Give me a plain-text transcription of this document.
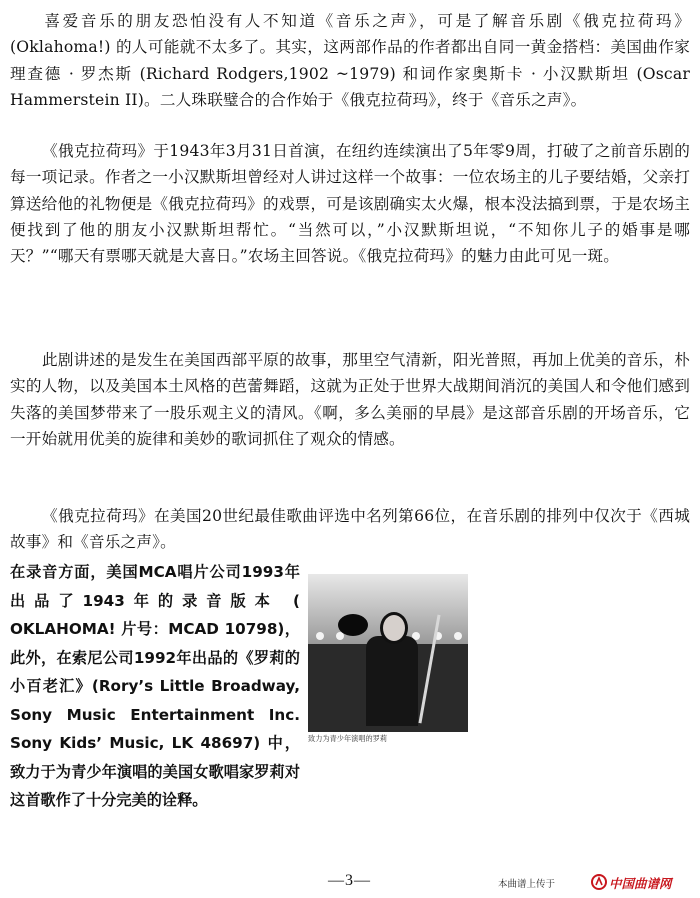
喜爱音乐的朋友恐怕没有人不知道《音乐之声》，可是了解音乐剧《俄克拉荷玛》(Oklahoma!) 的人可能就不太多了。其实，这两部作品的作者都出自同一黄金搭档：美国曲作家理查德 · 罗杰斯 (Richard Rodgers,1902 ~1979) 和词作家奥斯卡 · 小汉默斯坦 (Oscar Hammerstein II)。二人珠联璧合的合作始于《俄克拉荷玛》，终于《音乐之声》。

《俄克拉荷玛》于1943年3月31日首演，在纽约连续演出了5年零9周，打破了之前音乐剧的每一项记录。作者之一小汉默斯坦曾经对人讲过这样一个故事：一位农场主的儿子要结婚，父亲打算送给他的礼物便是《俄克拉荷玛》的戏票，可是该剧确实太火爆，根本没法搞到票，于是农场主便找到了他的朋友小汉默斯坦帮忙。“当然可以，”小汉默斯坦说，“不知你儿子的婚事是哪天？”“哪天有票哪天就是大喜日。”农场主回答说。《俄克拉荷玛》的魅力由此可见一斑。

此剧讲述的是发生在美国西部平原的故事，那里空气清新，阳光普照，再加上优美的音乐，朴实的人物，以及美国本土风格的芭蕾舞蹈，这就为正处于世界大战期间消沉的美国人和令他们感到失落的美国梦带来了一股乐观主义的清风。《啊，多么美丽的早晨》是这部音乐剧的开场音乐，它一开始就用优美的旋律和美妙的歌词抓住了观众的情感。

《俄克拉荷玛》在美国20世纪最佳歌曲评选中名列第66位，在音乐剧的排列中仅次于《西城故事》和《音乐之声》。

在录音方面，美国MCA唱片公司1993年出品了1943年的录音版本 ( OKLAHOMA! 片号：MCAD 10798)，此外，在索尼公司1992年出品的《罗莉的小百老汇》(Rory’s Little Broadway, Sony Music Entertainment Inc. Sony Kids’ Music, LK 48697) 中，致力于为青少年演唱的美国女歌唱家罗莉对这首歌作了十分完美的诠释。

致力为青少年演唱的罗莉
—3—	本曲谱上传于	中国曲谱网
